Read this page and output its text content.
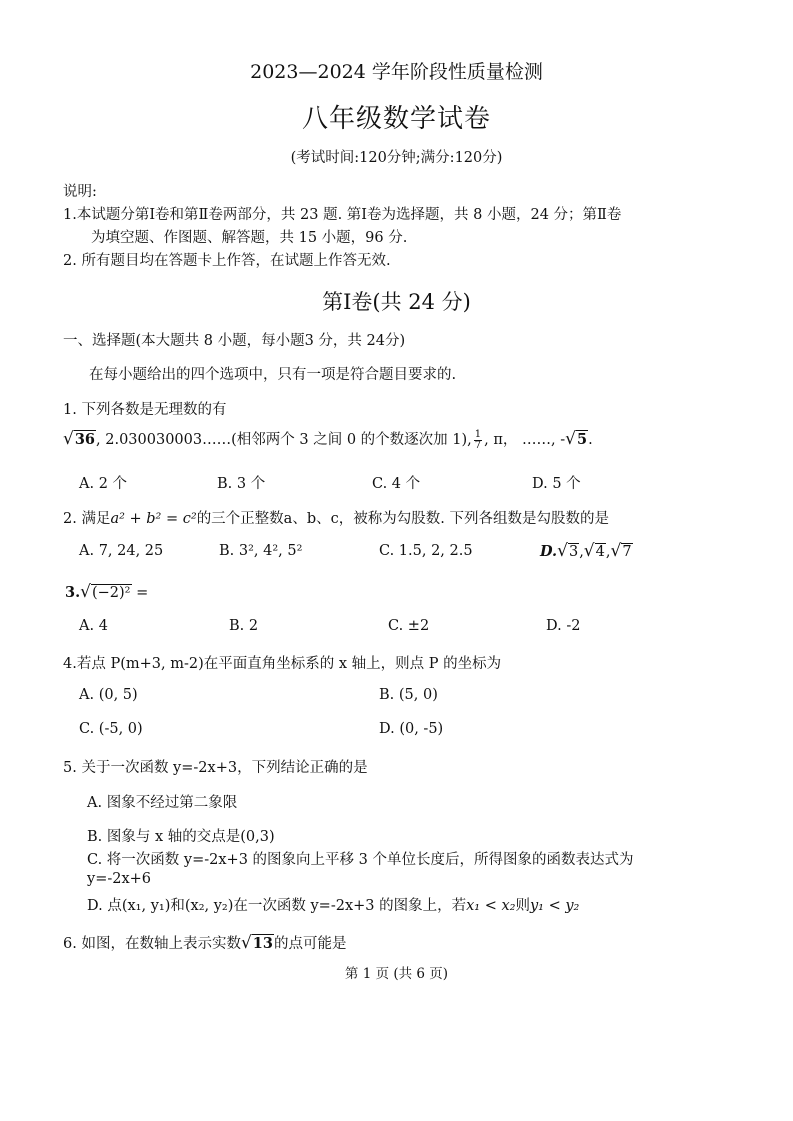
2023—2024 学年阶段性质量检测
八年级数学试卷
(考试时间:120分钟;满分:120分)
说明:
1.本试题分第Ⅰ卷和第Ⅱ卷两部分，共 23 题. 第Ⅰ卷为选择题，共 8 小题，24 分；第Ⅱ卷
为填空题、作图题、解答题，共 15 小题，96 分.
2. 所有题目均在答题卡上作答，在试题上作答无效.
第Ⅰ卷(共 24 分)
一、选择题(本大题共 8 小题，每小题3 分，共 24分)
在每小题给出的四个选项中，只有一项是符合题目要求的.
1. 下列各数是无理数的有
√36, 2.030030003……(相邻两个 3 之间 0 的个数逐次加 1), $\frac{1}{7}$ , π， ……, -√5.
A. 2 个	B. 3 个	C. 4 个	D. 5 个
2. 满足a² + b² = c²的三个正整数a、b、c，被称为勾股数. 下列各组数是勾股数的是
A. 7, 24, 25	B. 3², 4², 5²	C. 1.5, 2, 2.5	D.√3,√4,√7
3.√(−2)² =
A. 4	B. 2	C. ±2	D. -2
4.若点 P(m+3, m-2)在平面直角坐标系的 x 轴上，则点 P 的坐标为
A. (0, 5)	B. (5, 0)
C. (-5, 0)	D. (0, -5)
5. 关于一次函数 y=-2x+3，下列结论正确的是
A. 图象不经过第二象限
B. 图象与 x 轴的交点是(0,3)
C. 将一次函数 y=-2x+3 的图象向上平移 3 个单位长度后，所得图象的函数表达式为
y=-2x+6
D. 点(x₁, y₁)和(x₂, y₂)在一次函数 y=-2x+3 的图象上，若x₁ < x₂则y₁ < y₂
6. 如图，在数轴上表示实数√13的点可能是
第 1 页 (共 6 页)
